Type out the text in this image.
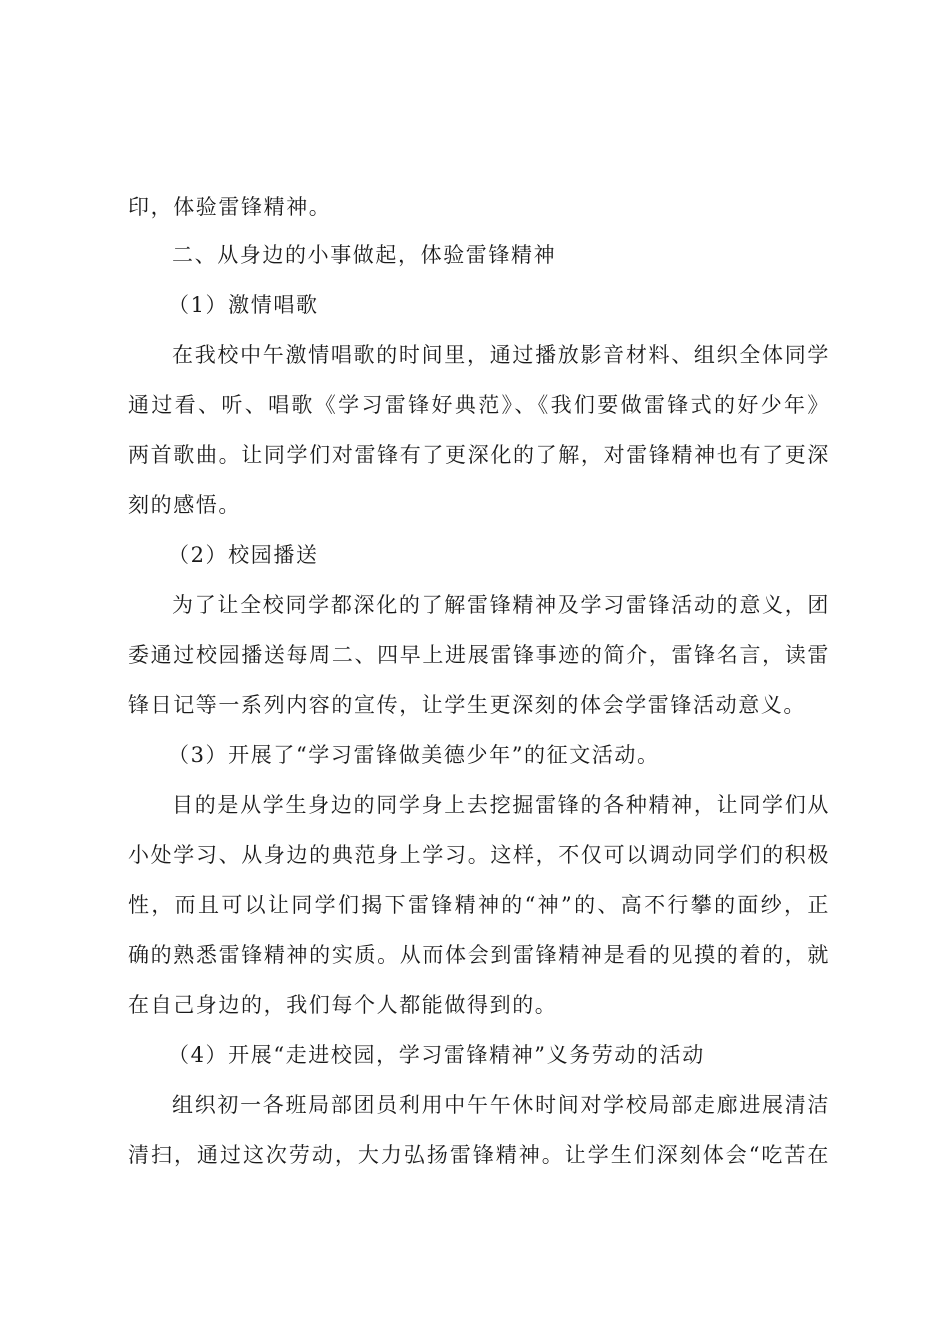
印，体验雷锋精神。
二、从身边的小事做起，体验雷锋精神
（1）激情唱歌
在我校中午激情唱歌的时间里，通过播放影音材料、组织全体同学
通过看、听、唱歌《学习雷锋好典范》、《我们要做雷锋式的好少年》
两首歌曲。让同学们对雷锋有了更深化的了解，对雷锋精神也有了更深
刻的感悟。
（2）校园播送
为了让全校同学都深化的了解雷锋精神及学习雷锋活动的意义，团
委通过校园播送每周二、四早上进展雷锋事迹的简介，雷锋名言，读雷
锋日记等一系列内容的宣传，让学生更深刻的体会学雷锋活动意义。
（3）开展了“学习雷锋做美德少年”的征文活动。
目的是从学生身边的同学身上去挖掘雷锋的各种精神，让同学们从
小处学习、从身边的典范身上学习。这样，不仅可以调动同学们的积极
性，而且可以让同学们揭下雷锋精神的“神”的、高不行攀的面纱，正
确的熟悉雷锋精神的实质。从而体会到雷锋精神是看的见摸的着的，就
在自己身边的，我们每个人都能做得到的。
（4）开展“走进校园，学习雷锋精神”义务劳动的活动
组织初一各班局部团员利用中午午休时间对学校局部走廊进展清洁
清扫，通过这次劳动，大力弘扬雷锋精神。让学生们深刻体会“吃苦在
